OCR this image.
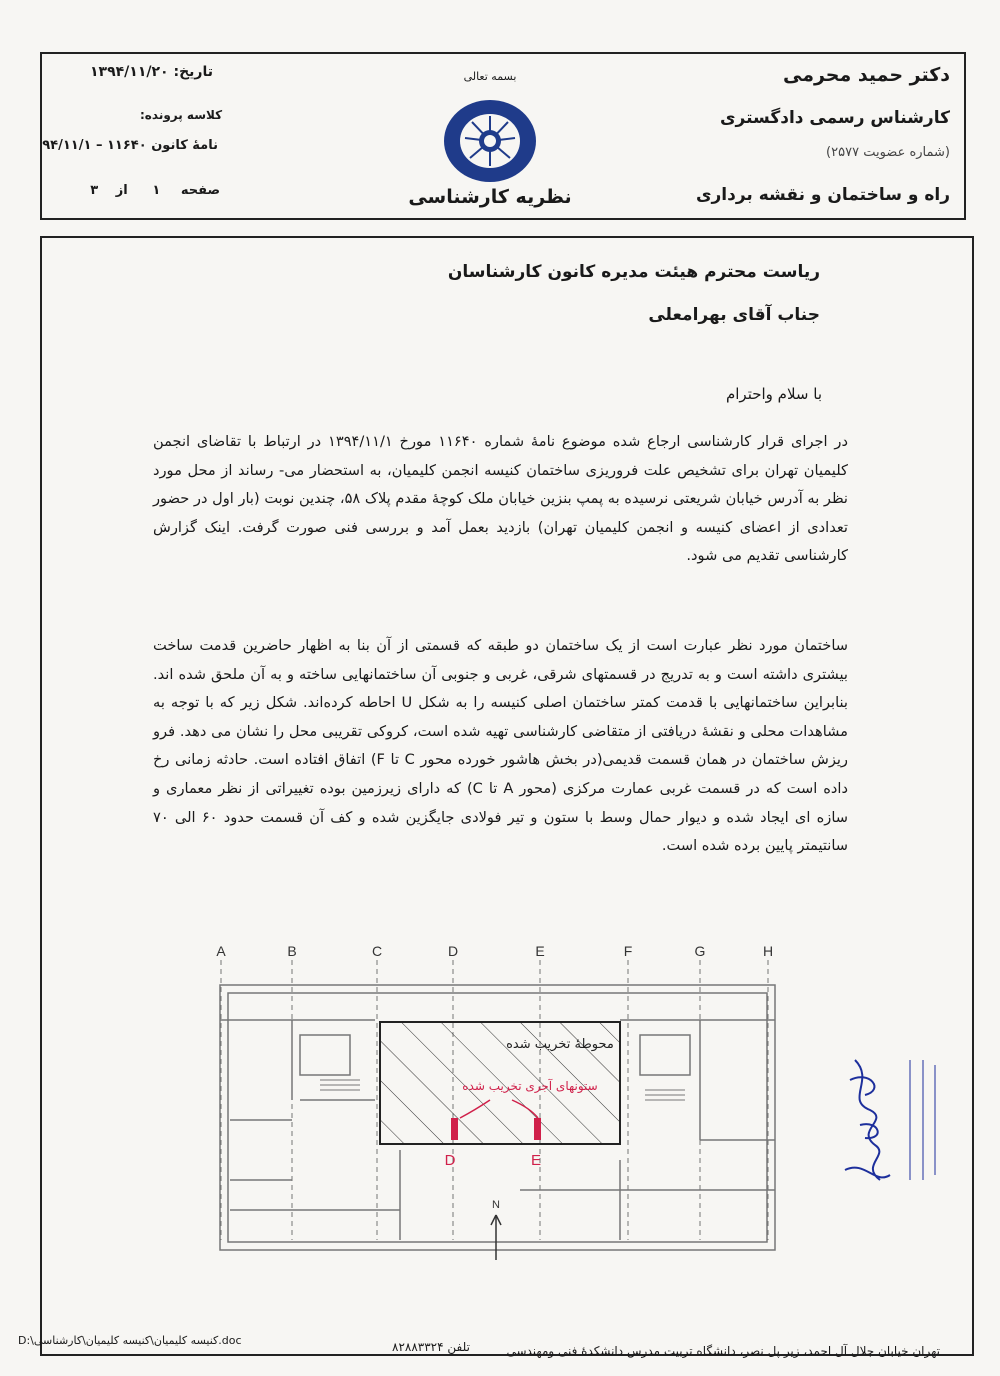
دکتر حمید محرمی
کارشناس رسمی دادگستری
(شماره عضویت ۲۵۷۷)
راه و ساختمان و نقشه برداری
بسمه تعالی
نظریه کارشناسی
تاریخ: ۱۳۹۴/۱۱/۲۰
کلاسه پرونده:
نامهٔ کانون ۱۱۶۴۰ – ۹۴/۱۱/۱
صفحه ۱ از ۳
ریاست محترم هیئت مدیره کانون کارشناسان
جناب آقای بهرامعلی
با سلام واحترام
در اجرای قرار کارشناسی ارجاع شده موضوع نامهٔ شماره ۱۱۶۴۰ مورخ ۱۳۹۴/۱۱/۱ در ارتباط با تقاضای انجمن کلیمیان تهران برای تشخیص علت فروریزی ساختمان کنیسه انجمن کلیمیان، به استحضار می- رساند از محل مورد نظر به آدرس خیابان شریعتی نرسیده به پمپ بنزین خیابان ملک کوچهٔ مقدم پلاک ۵۸، چندین نوبت (بار اول در حضور تعدادی از اعضای کنیسه و انجمن کلیمیان تهران) بازدید بعمل آمد و بررسی فنی صورت گرفت. اینک گزارش کارشناسی تقدیم می شود.
ساختمان مورد نظر عبارت است از یک ساختمان دو طبقه که قسمتی از آن بنا به اظهار حاضرین قدمت ساخت بیشتری داشته است و به تدریج در قسمتهای شرقی، غربی و جنوبی آن ساختمانهایی ساخته و به آن ملحق شده اند. بنابراین ساختمانهایی با قدمت کمتر ساختمان اصلی کنیسه را به شکل U احاطه کرده‌اند. شکل زیر که با توجه به مشاهدات محلی و نقشهٔ دریافتی از متقاضی کارشناسی تهیه شده است، کروکی تقریبی محل را نشان می دهد. فرو ریزش ساختمان در همان قسمت قدیمی(در بخش هاشور خورده محور C تا F) اتفاق افتاده است. حادثه زمانی رخ داده است که در قسمت غربی عمارت مرکزی (محور A تا C) که دارای زیرزمین بوده تغییراتی از نظر معماری و سازه ای ایجاد شده و دیوار حمال وسط با ستون و تیر فولادی جایگزین شده و کف آن قسمت حدود ۶۰ الی ۷۰ سانتیمتر پایین برده شده است.
A	B	C	D	E	F	G	H
محوطهٔ تخریب شده
ستونهای آجری تخریب شده
D	E
N
تهران خیابان جلال آل احمد، زیر پل نصر، دانشگاه تربیت مدرس دانشکدهٔ فنی ومهندسی
تلفن ۸۲۸۸۳۳۲۴
D:\کنیسه کلیمیان\کنیسه کلیمیان\کارشناسی.doc
